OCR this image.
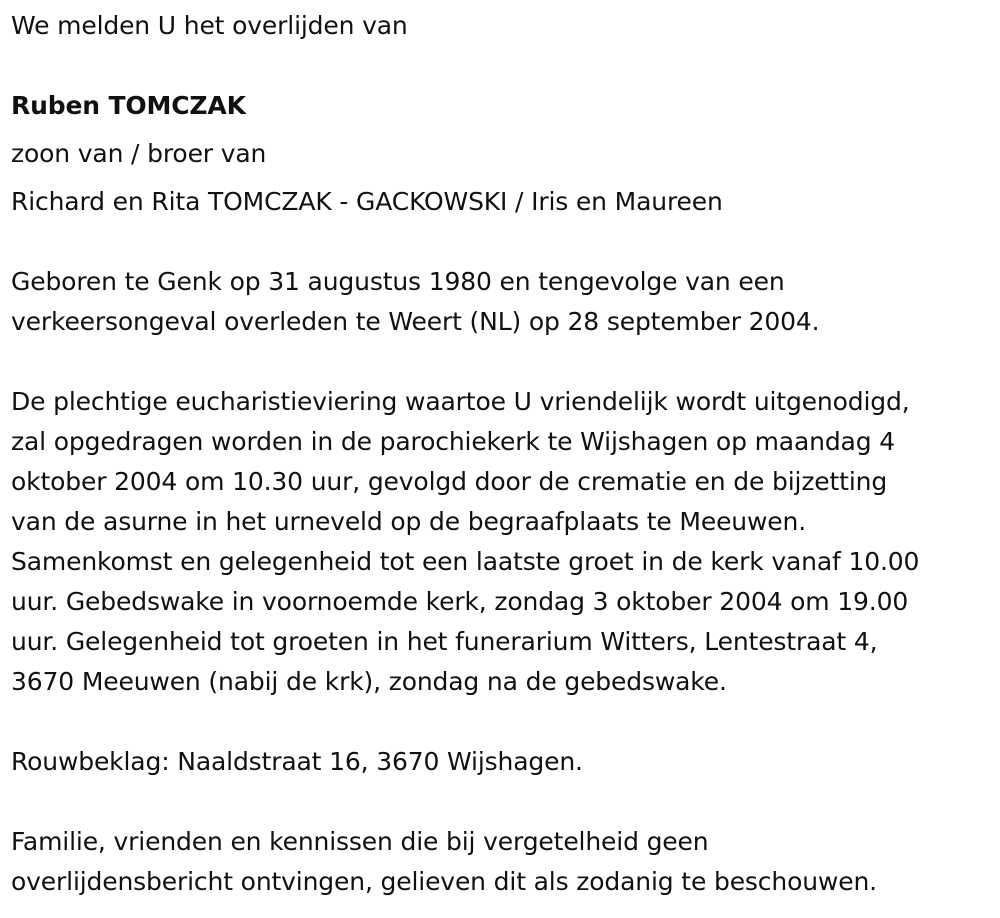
We melden U het overlijden van
Ruben TOMCZAK
zoon van / broer van
Richard en Rita TOMCZAK - GACKOWSKI / Iris en Maureen
Geboren te Genk op 31 augustus 1980 en tengevolge van een
verkeersongeval overleden te Weert (NL) op 28 september 2004.
De plechtige eucharistieviering waartoe U vriendelijk wordt uitgenodigd,
zal opgedragen worden in de parochiekerk te Wijshagen op maandag 4
oktober 2004 om 10.30 uur, gevolgd door de crematie en de bijzetting
van de asurne in het urneveld op de begraafplaats te Meeuwen.
Samenkomst en gelegenheid tot een laatste groet in de kerk vanaf 10.00
uur. Gebedswake in voornoemde kerk, zondag 3 oktober 2004 om 19.00
uur. Gelegenheid tot groeten in het funerarium Witters, Lentestraat 4,
3670 Meeuwen (nabij de krk), zondag na de gebedswake.
Rouwbeklag: Naaldstraat 16, 3670 Wijshagen.
Familie, vrienden en kennissen die bij vergetelheid geen
overlijdensbericht ontvingen, gelieven dit als zodanig te beschouwen.
